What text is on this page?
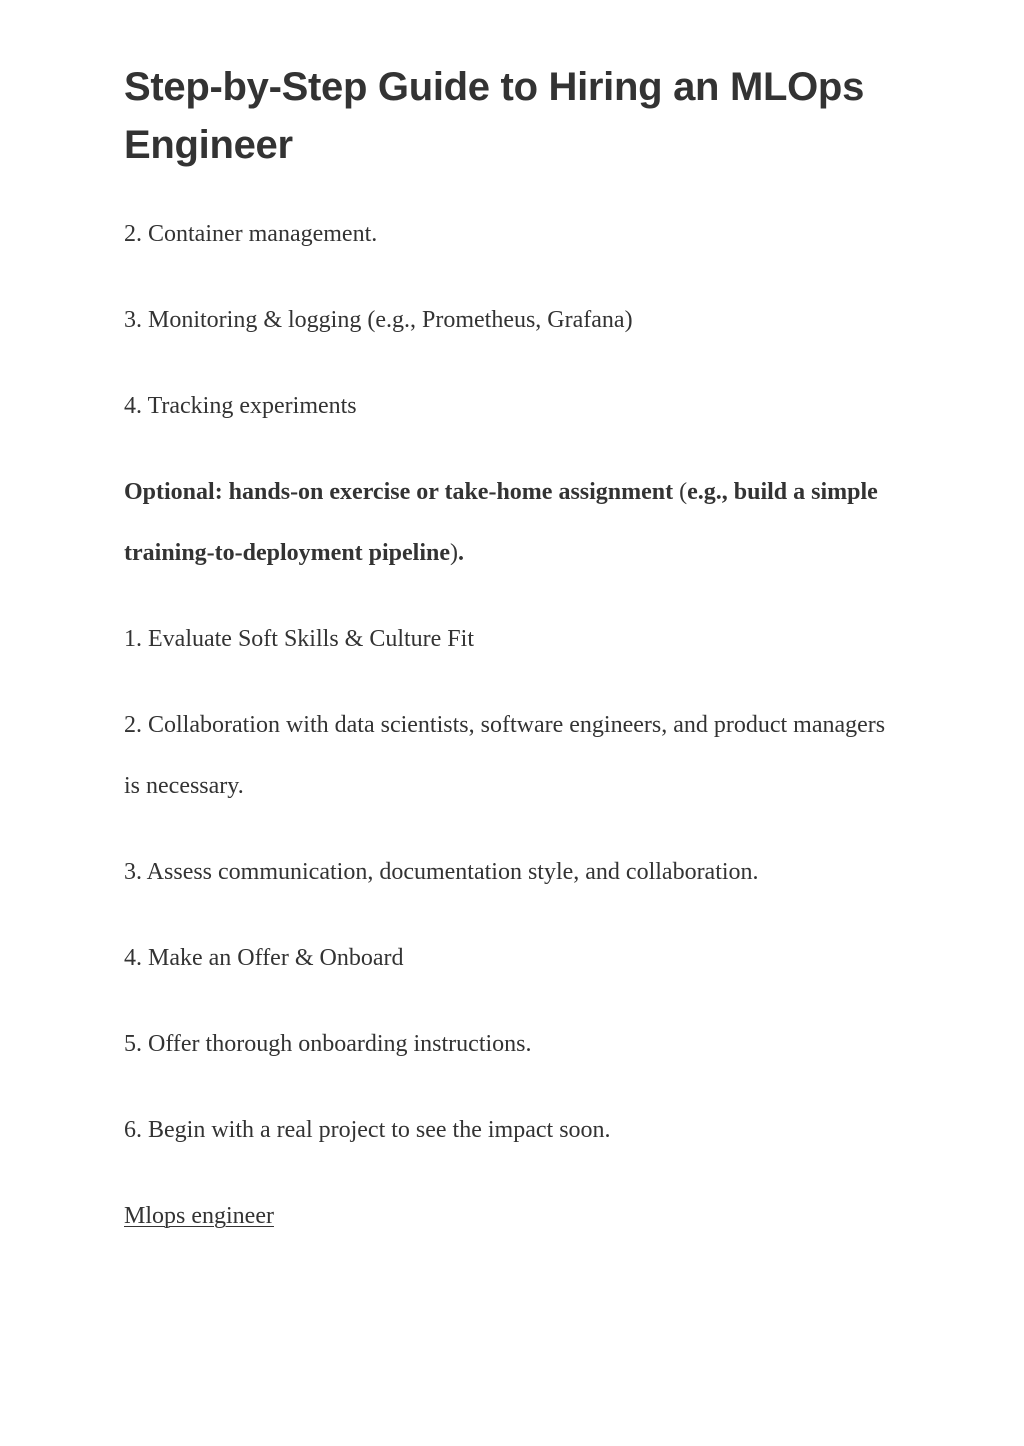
Step-by-Step Guide to Hiring an MLOps Engineer

2. Container management.

3. Monitoring & logging (e.g., Prometheus, Grafana)

4. Tracking experiments

Optional: hands-on exercise or take-home assignment (e.g., build a simple training-to-deployment pipeline).

1. Evaluate Soft Skills & Culture Fit

2. Collaboration with data scientists, software engineers, and product managers is necessary.

3. Assess communication, documentation style, and collaboration.

4. Make an Offer & Onboard

5. Offer thorough onboarding instructions.

6. Begin with a real project to see the impact soon.

Mlops engineer
